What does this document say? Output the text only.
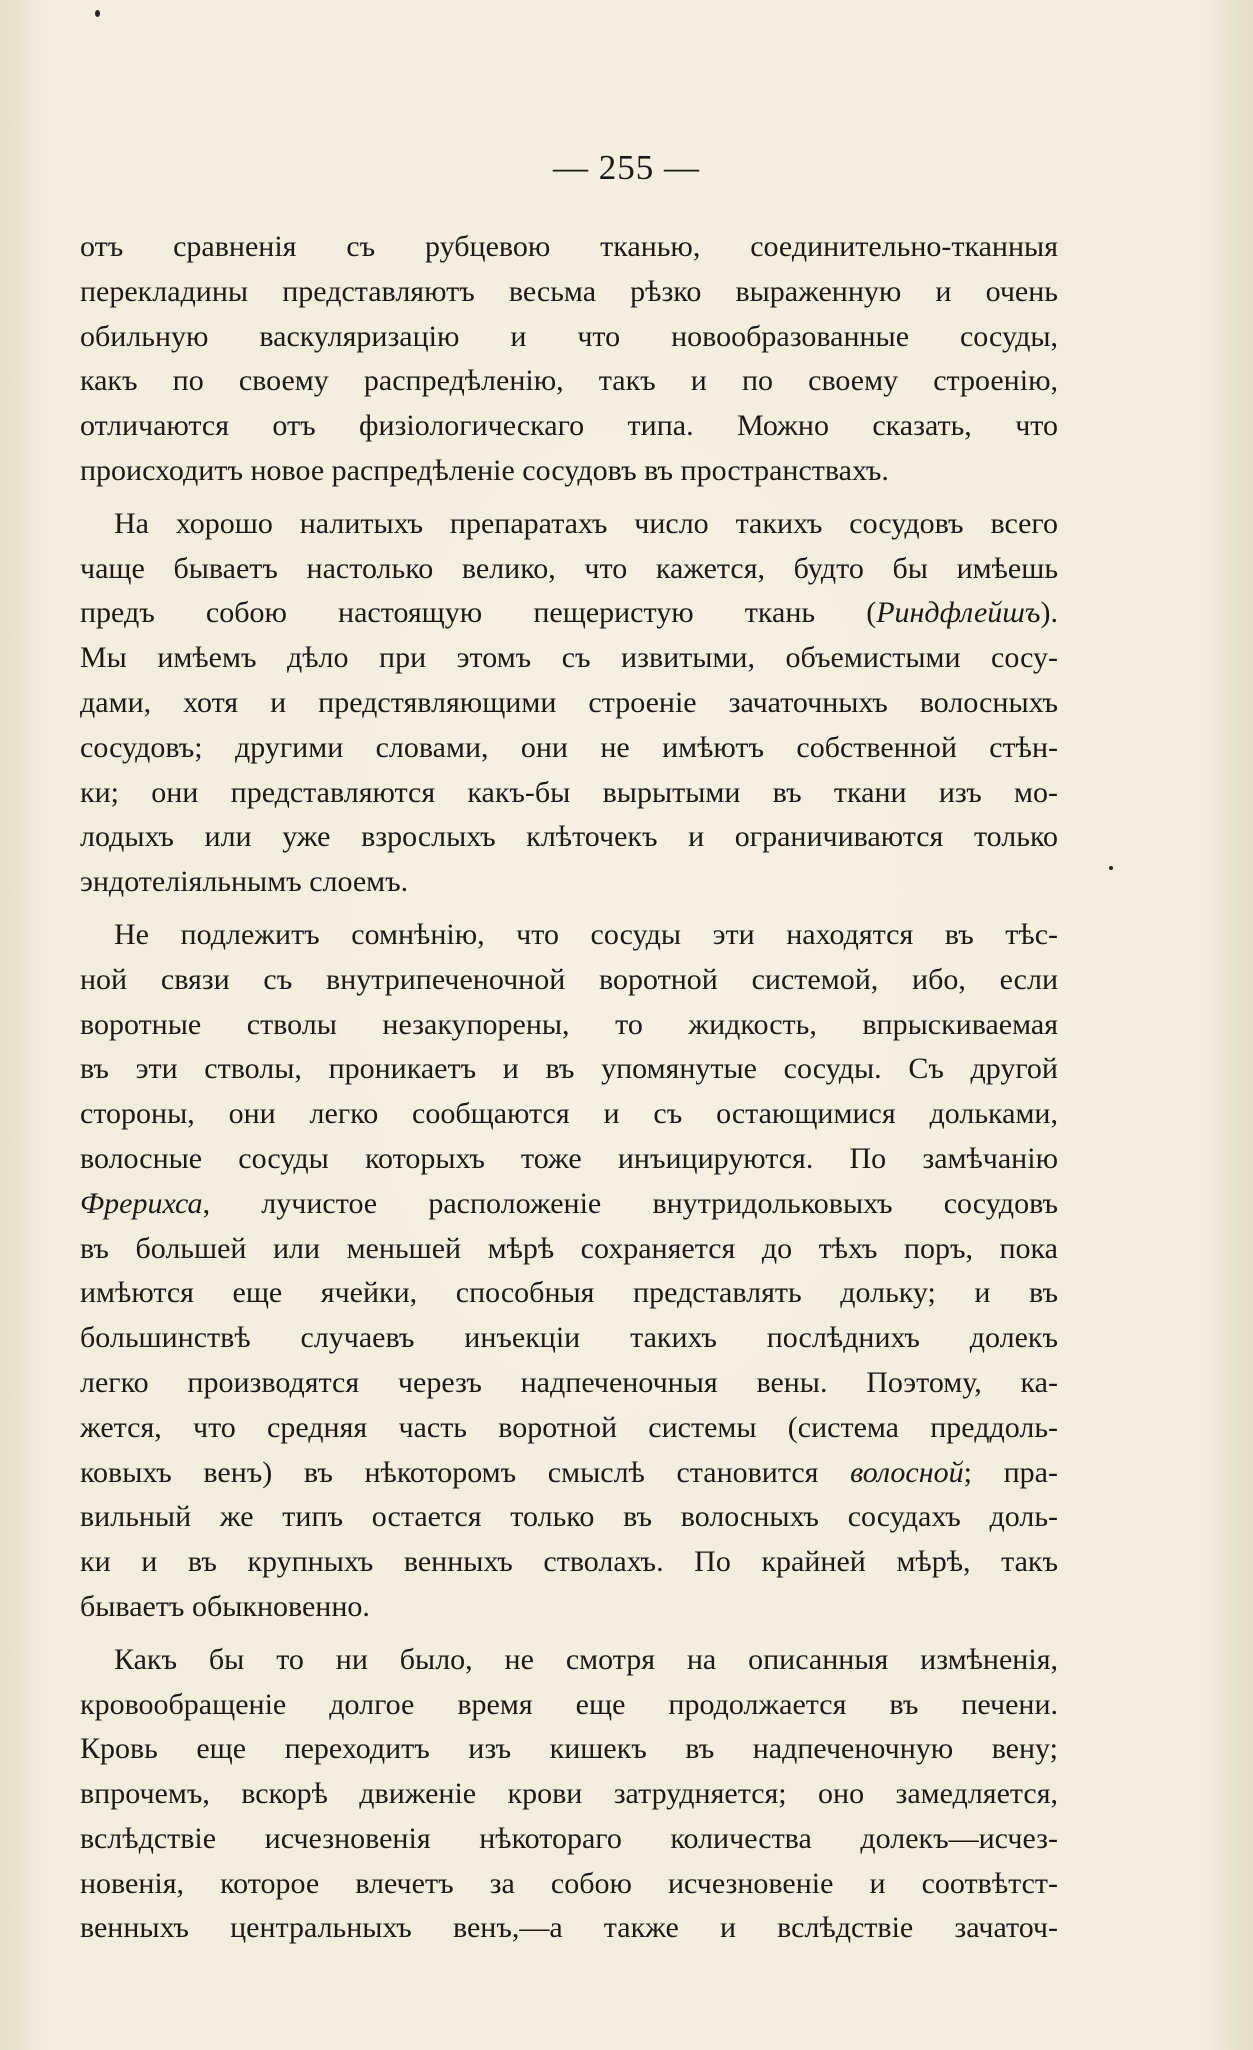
— 255 —
отъ сравненія съ рубцевою тканью, соединительно-тканныя
перекладины представляютъ весьма рѣзко выраженную и очень
обильную васкуляризацію и что новообразованные сосуды,
какъ по своему распредѣленію, такъ и по своему строенію,
отличаются отъ физіологическаго типа. Можно сказать, что
происходитъ новое распредѣленіе сосудовъ въ пространствахъ.
На хорошо налитыхъ препаратахъ число такихъ сосудовъ всего
чаще бываетъ настолько велико, что кажется, будто бы имѣешь
предъ собою настоящую пещеристую ткань (Риндфлейшъ).
Мы имѣемъ дѣло при этомъ съ извитыми, объемистыми сосу-
дами, хотя и предстявляющими строеніе зачаточныхъ волосныхъ
сосудовъ; другими словами, они не имѣютъ собственной стѣн-
ки; они представляются какъ-бы вырытыми въ ткани изъ мо-
лодыхъ или уже взрослыхъ клѣточекъ и ограничиваются только
эндотеліяльнымъ слоемъ.
Не подлежитъ сомнѣнію, что сосуды эти находятся въ тѣс-
ной связи съ внутрипеченочной воротной системой, ибо, если
воротные стволы незакупорены, то жидкость, впрыскиваемая
въ эти стволы, проникаетъ и въ упомянутые сосуды. Съ другой
стороны, они легко сообщаются и съ остающимися дольками,
волосные сосуды которыхъ тоже инъицируются. По замѣчанію
Фрерихса, лучистое расположеніе внутридольковыхъ сосудовъ
въ большей или меньшей мѣрѣ сохраняется до тѣхъ поръ, пока
имѣются еще ячейки, способныя представлять дольку; и въ
большинствѣ случаевъ инъекціи такихъ послѣднихъ долекъ
легко производятся черезъ надпеченочныя вены. Поэтому, ка-
жется, что средняя часть воротной системы (система преддоль-
ковыхъ венъ) въ нѣкоторомъ смыслѣ становится волосной; пра-
вильный же типъ остается только въ волосныхъ сосудахъ доль-
ки и въ крупныхъ венныхъ стволахъ. По крайней мѣрѣ, такъ
бываетъ обыкновенно.
Какъ бы то ни было, не смотря на описанныя измѣненія,
кровообращеніе долгое время еще продолжается въ печени.
Кровь еще переходитъ изъ кишекъ въ надпеченочную вену;
впрочемъ, вскорѣ движеніе крови затрудняется; оно замедляется,
вслѣдствіе исчезновенія нѣкотораго количества долекъ—исчез-
новенія, которое влечетъ за собою исчезновеніе и соотвѣтст-
венныхъ центральныхъ венъ,—а также и вслѣдствіе зачаточ-
